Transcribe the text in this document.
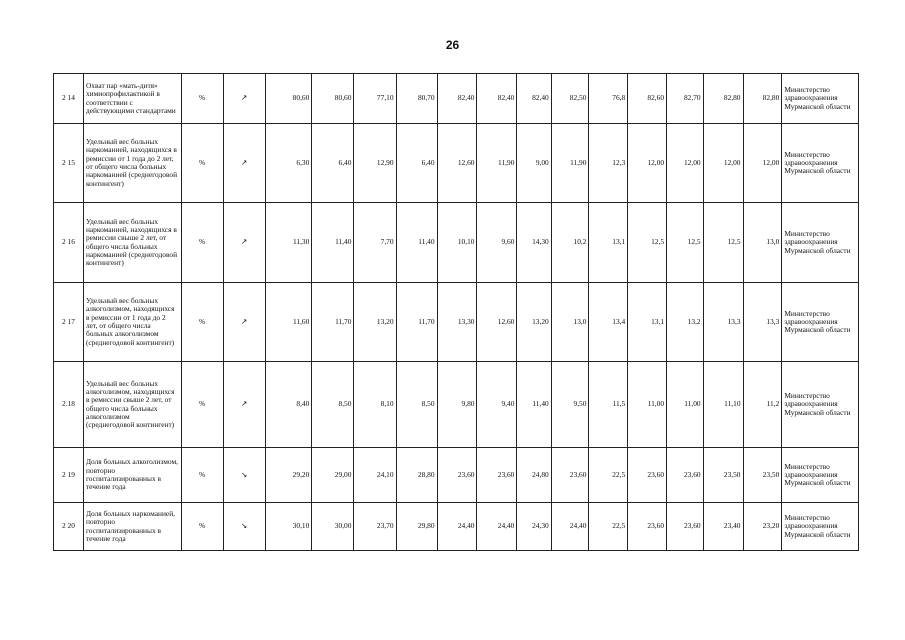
26
2 14	Охват пар «мать-дитя» химиопрофилактикой в соответствии с действующими стандартами	%	↗	80,60	80,60	77,10	80,70	82,40	82,40	82,40	82,50	76,8	82,60	82,70	82,80	82,80	Министерство здравоохранения Мурманской области
2 15	Удельный вес больных наркоманией, находящихся в ремиссии от 1 года до 2 лет, от общего числа больных наркоманией (среднегодовой контингент)	%	↗	6,30	6,40	12,90	6,40	12,60	11,90	9,00	11,90	12,3	12,00	12,00	12,00	12,00	Министерство здравоохранения Мурманской области
2 16	Удельный вес больных наркоманией, находящихся в ремиссии свыше 2 лет, от общего числа больных наркоманией (среднегодовой контингент)	%	↗	11,30	11,40	7,70	11,40	10,10	9,60	14,30	10,2	13,1	12,5	12,5	12,5	13,0	Министерство здравоохранения Мурманской области
2 17	Удельный вес больных алкоголизмом, находящихся в ремиссии от 1 года до 2 лет, от общего числа больных алкоголизмом (среднегодовой контингент)	%	↗	11,60	11,70	13,20	11,70	13,30	12,60	13,20	13,0	13,4	13,1	13,2	13,3	13,3	Министерство здравоохранения Мурманской области
2.18	Удельный вес больных алкоголизмом, находящихся в ремиссии свыше 2 лет, от общего числа больных алкоголизмом (среднегодовой контингент)	%	↗	8,40	8,50	8,10	8,50	9,80	9,40	11,40	9,50	11,5	11,00	11,00	11,10	11,2	Министерство здравоохранения Мурманской области
2 19	Доля больных алкоголизмом, повторно госпитализированных в течение года	%	↘	29,20	29,00	24,10	28,80	23,60	23,60	24,80	23,60	22,5	23,60	23,60	23,50	23,50	Министерство здравоохранения Мурманской области
2 20	Доля больных наркоманией, повторно госпитализированных в течение года	%	↘	30,10	30,00	23,70	29,80	24,40	24,40	24,30	24,40	22,5	23,60	23,60	23,40	23,20	Министерство здравоохранения Мурманской области
